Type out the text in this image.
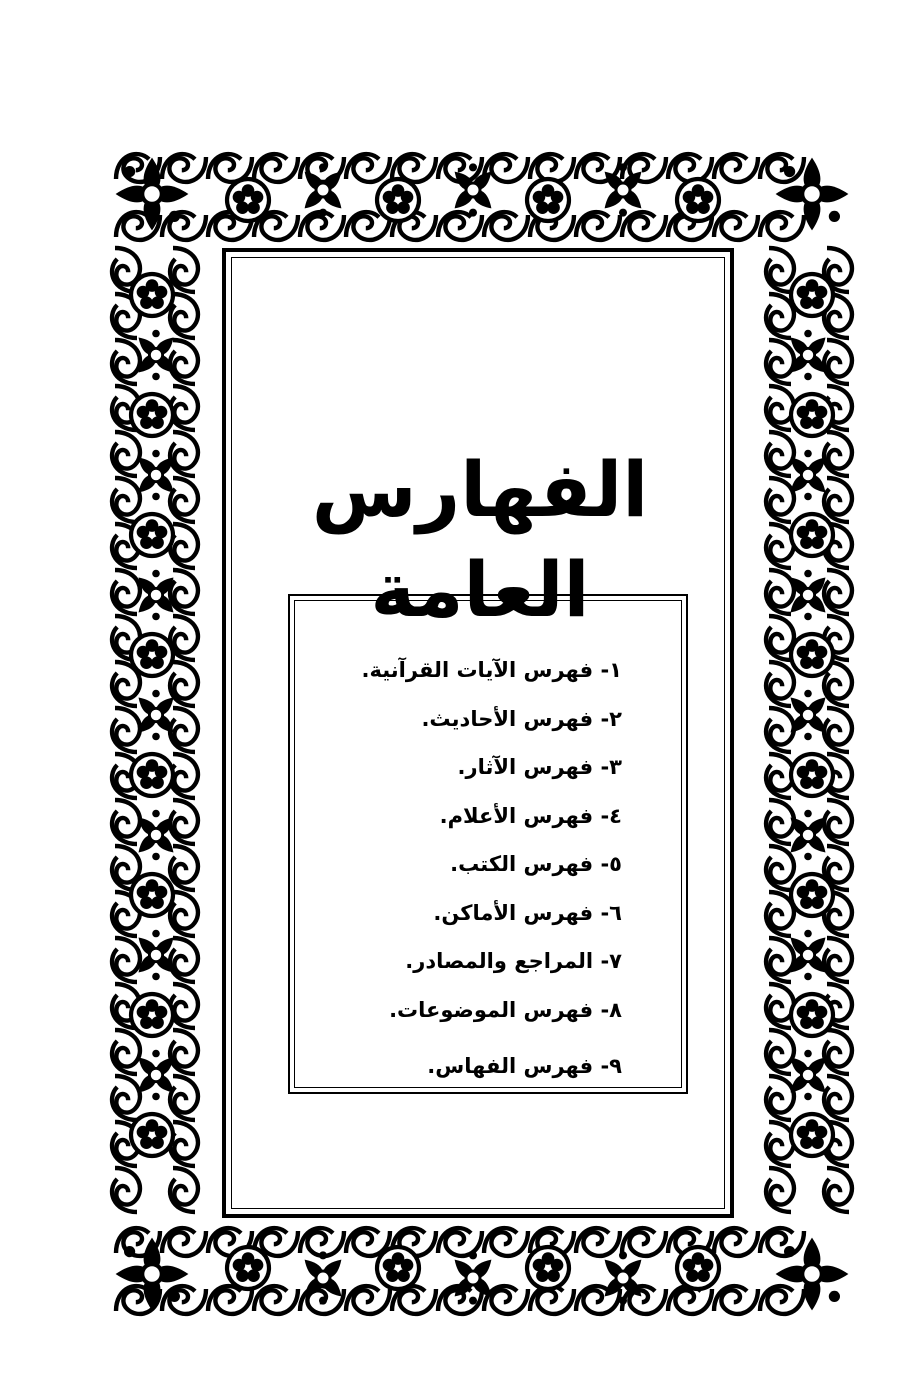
الفهارس العامة
١- فهرس الآيات القرآنية.
٢- فهرس الأحاديث.
٣- فهرس الآثار.
٤- فهرس الأعلام.
٥- فهرس الكتب.
٦- فهرس الأماكن.
٧- المراجع والمصادر.
٨- فهرس الموضوعات.
٩- فهرس الفهاس.
